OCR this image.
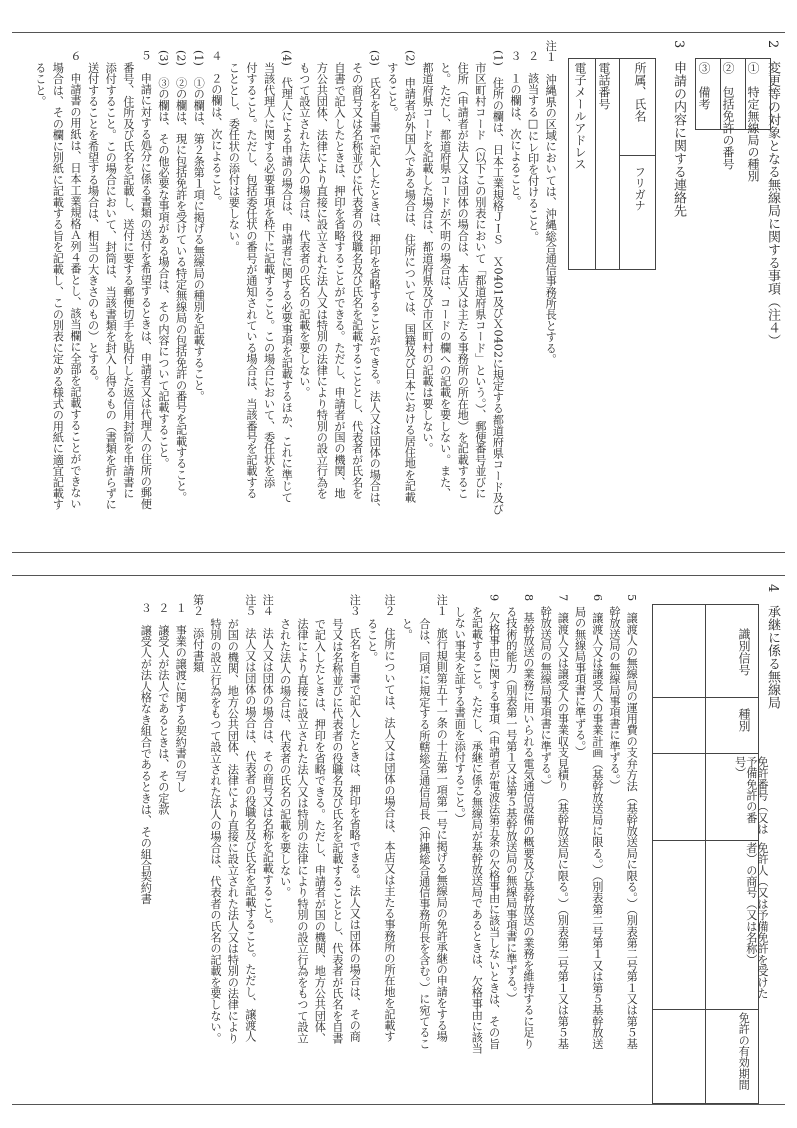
2　変更等の対象となる無線局に関する事項（注４）
①　特定無線局の種別
②　包括免許の番号
③　備考
3　申請の内容に関する連絡先
所属、氏名
フリガナ
電話番号
電子メールアドレス
注１　沖縄県の区域においては、沖縄総合通信事務所長とする。
２　該当する□にレ印を付けること。
３　１の欄は、次によること。
(1)　住所の欄は、日本工業規格ＪＩＳ　Ｘ0401及びＸ0402に規定する都道府県コード及び
市区町村コード（以下この別表において「都道府県コード」という。）、郵便番号並びに
住所（申請者が法人又は団体の場合は、本店又は主たる事務所の所在地）を記載するこ
と。ただし、都道府県コードが不明の場合は、コードの欄への記載を要しない。また、
都道府県コードを記載した場合は、都道府県及び市区町村の記載は要しない。
(2)　申請者が外国人である場合は、住所については、国籍及び日本における居住地を記載
すること。
(3)　氏名を自書で記入したときは、押印を省略することができる。法人又は団体の場合は、
その商号又は名称並びに代表者の役職名及び氏名を記載することとし、代表者が氏名を
自書で記入したときは、押印を省略することができる。ただし、申請者が国の機関、地
方公共団体、法律により直接に設立された法人又は特別の法律により特別の設立行為を
もつて設立された法人の場合は、代表者の氏名の記載を要しない。
(4)　代理人による申請の場合は、申請者に関する必要事項を記載するほか、これに準じて
当該代理人に関する必要事項を枠下に記載すること。この場合において、委任状を添
付すること。ただし、包括委任状の番号が通知されている場合は、当該番号を記載する
こととし、委任状の添付は要しない。
４　２の欄は、次によること。
(1)　①の欄は、第２条第１項に掲げる無線局の種別を記載すること。
(2)　②の欄は、現に包括免許を受けている特定無線局の包括免許の番号を記載すること。
(3)　③の欄は、その他必要な事項がある場合は、その内容について記載すること。
５　申請に対する処分に係る書類の送付を希望するときは、申請者又は代理人の住所の郵便
番号、住所及び氏名を記載し、送付に要する郵便切手を貼付した返信用封筒を申請書に
添付すること。この場合において、封筒は、当該書類を封入し得るもの（書類を折らずに
送付することを希望する場合は、相当の大きさのもの）とする。
６　申請書の用紙は、日本工業規格Ａ列４番とし、該当欄に全部を記載することができない
場合は、その欄に別紙に記載する旨を記載し、この別表に定める様式の用紙に適宜記載す
ること。
4　承継に係る無線局
識別信号
種別
免許番号（又は予備免許の番号）
免許人（又は予備免許を受けた者）の商号（又は名称）
免許の有効期間
5　譲渡人の無線局の運用費の支弁方法（基幹放送局に限る。）（別表第二号第１又は第５基
幹放送局の無線局事項書に準ずる。）
6　譲渡人又は譲受人の事業計画（基幹放送局に限る。）（別表第二号第１又は第５基幹放送
局の無線局事項書に準ずる。）
7　譲渡人又は譲受人の事業収支見積り（基幹放送局に限る。）（別表第二号第１又は第５基
幹放送局の無線局事項書に準ずる。）
8　基幹放送の業務に用いられる電気通信設備の概要及び基幹放送の業務を維持するに足り
る技術的能力（別表第一号第１又は第５基幹放送局の無線局事項書に準ずる。）
9　欠格事由に関する事項（申請者が電波法第五条の欠格事由に該当しないときは、その旨
を記載すること。ただし、承継に係る無線局が基幹放送局であるときは、欠格事由に該当
しない事実を証する書面を添付すること。）
注１　旅行規則第五十一条の十五第一項第一号に掲げる無線局の免許承継の申請をする場
合は、同項に規定する所轄総合通信局長（沖縄総合通信事務所長を含む。）に宛てるこ
と。
注２　住所については、法人又は団体の場合は、本店又は主たる事務所の所在地を記載す
ること。
注３　氏名を自書で記入したときは、押印を省略できる。法人又は団体の場合は、その商
号又は名称並びに代表者の役職名及び氏名を記載することとし、代表者が氏名を自書
で記入したときは、押印を省略できる。ただし、申請者が国の機関、地方公共団体、
法律により直接に設立された法人又は特別の法律により特別の設立行為をもつて設立
された法人の場合は、代表者の氏名の記載を要しない。
注４　法人又は団体の場合は、その商号又は名称を記載すること。
注５　法人又は団体の場合は、代表者の役職名及び氏名を記載すること。ただし、譲渡人
が国の機関、地方公共団体、法律により直接に設立された法人又は特別の法律により
特別の設立行為をもつて設立された法人の場合は、代表者の氏名の記載を要しない。
第２　添付書類
１　事業の譲渡に関する契約書の写し
２　譲受人が法人であるときは、その定款
３　譲受人が法人格なき組合であるときは、その組合契約書
